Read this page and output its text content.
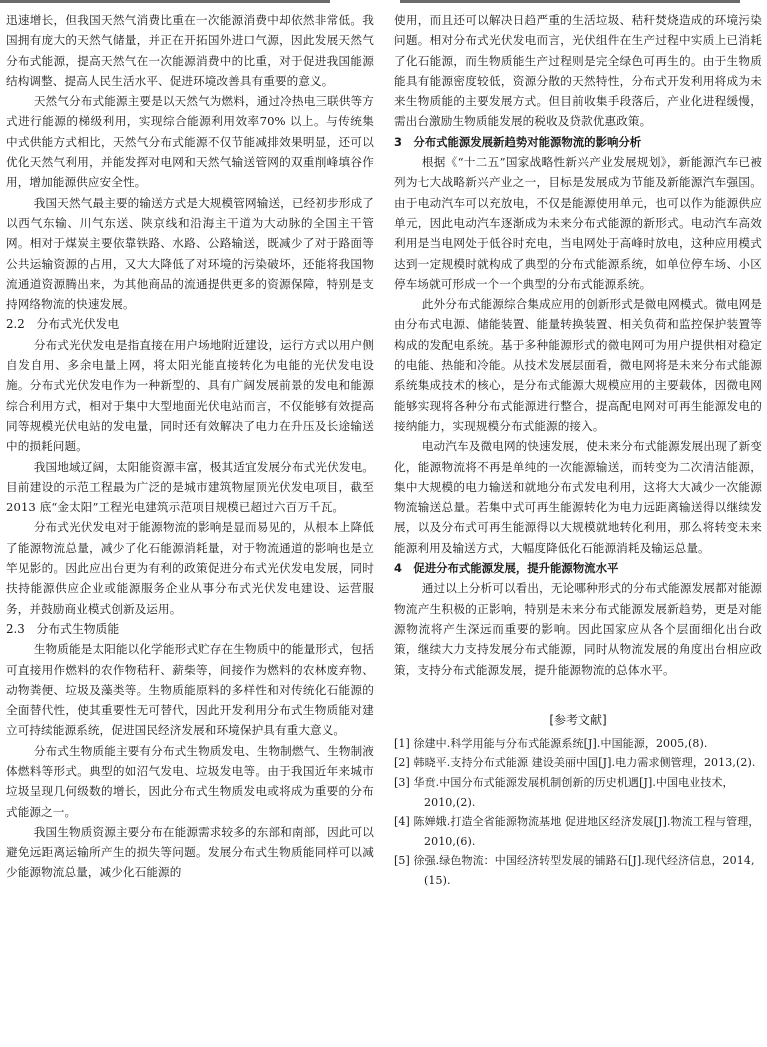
迅速增长，但我国天然气消费比重在一次能源消费中却依然非常低。我国拥有庞大的天然气储量，并正在开拓国外进口气源，因此发展天然气分布式能源，提高天然气在一次能源消费中的比重，对于促进我国能源结构调整、提高人民生活水平、促进环境改善具有重要的意义。

天然气分布式能源主要是以天然气为燃料，通过冷热电三联供等方式进行能源的梯级利用，实现综合能源利用效率70% 以上。与传统集中式供能方式相比，天然气分布式能源不仅节能减排效果明显，还可以优化天然气利用，并能发挥对电网和天然气输送管网的双重削峰填谷作用，增加能源供应安全性。

我国天然气最主要的输送方式是大规模管网输送，已经初步形成了以西气东输、川气东送、陕京线和沿海主干道为大动脉的全国主干管网。相对于煤炭主要依靠铁路、水路、公路输送，既减少了对于路面等公共运输资源的占用，又大大降低了对环境的污染破坏，还能将我国物流通道资源腾出来，为其他商品的流通提供更多的资源保障，特别是支持网络物流的快速发展。

2.2　分布式光伏发电

分布式光伏发电是指直接在用户场地附近建设，运行方式以用户侧自发自用、多余电量上网，将太阳光能直接转化为电能的光伏发电设施。分布式光伏发电作为一种新型的、具有广阔发展前景的发电和能源综合利用方式，相对于集中大型地面光伏电站而言，不仅能够有效提高同等规模光伏电站的发电量，同时还有效解决了电力在升压及长途输送中的损耗问题。

我国地域辽阔，太阳能资源丰富，极其适宜发展分布式光伏发电。目前建设的示范工程最为广泛的是城市建筑物屋顶光伏发电项目，截至 2013 底“金太阳”工程光电建筑示范项目规模已超过六百万千瓦。

分布式光伏发电对于能源物流的影响是显而易见的，从根本上降低了能源物流总量，减少了化石能源消耗量，对于物流通道的影响也是立竿见影的。因此应出台更为有利的政策促进分布式光伏发电发展，同时扶持能源供应企业或能源服务企业从事分布式光伏发电建设、运营服务，并鼓励商业模式创新及运用。

2.3　分布式生物质能

生物质能是太阳能以化学能形式贮存在生物质中的能量形式，包括可直接用作燃料的农作物秸秆、薪柴等，间接作为燃料的农林废弃物、动物粪便、垃圾及藻类等。生物质能原料的多样性和对传统化石能源的全面替代性，使其重要性无可替代，因此开发利用分布式生物质能对建立可持续能源系统，促进国民经济发展和环境保护具有重大意义。

分布式生物质能主要有分布式生物质发电、生物制燃气、生物制液体燃料等形式。典型的如沼气发电、垃圾发电等。由于我国近年来城市垃圾呈现几何级数的增长，因此分布式生物质发电或将成为重要的分布式能源之一。

我国生物质资源主要分布在能源需求较多的东部和南部，因此可以避免远距离运输所产生的损失等问题。发展分布式生物质能同样可以减少能源物流总量，减少化石能源的

使用，而且还可以解决日趋严重的生活垃圾、秸秆焚烧造成的环境污染问题。相对分布式光伏发电而言，光伏组件在生产过程中实质上已消耗了化石能源，而生物质能生产过程则是完全绿色可再生的。由于生物质能具有能源密度较低，资源分散的天然特性，分布式开发利用将成为未来生物质能的主要发展方式。但目前收集手段落后，产业化进程缓慢，需出台激励生物质能发展的税收及贷款优惠政策。

3　分布式能源发展新趋势对能源物流的影响分析

根据《“十二五”国家战略性新兴产业发展规划》，新能源汽车已被列为七大战略新兴产业之一，目标是发展成为节能及新能源汽车强国。由于电动汽车可以充放电，不仅是能源使用单元，也可以作为能源供应单元，因此电动汽车逐渐成为未来分布式能源的新形式。电动汽车高效利用是当电网处于低谷时充电，当电网处于高峰时放电，这种应用模式达到一定规模时就构成了典型的分布式能源系统，如单位停车场、小区停车场就可形成一个一个典型的分布式能源系统。

此外分布式能源综合集成应用的创新形式是微电网模式。微电网是由分布式电源、储能装置、能量转换装置、相关负荷和监控保护装置等构成的发配电系统。基于多种能源形式的微电网可为用户提供相对稳定的电能、热能和冷能。从技术发展层面看，微电网将是未来分布式能源系统集成技术的核心，是分布式能源大规模应用的主要载体，因微电网能够实现将各种分布式能源进行整合，提高配电网对可再生能源发电的接纳能力，实现规模分布式能源的接入。

电动汽车及微电网的快速发展，使未来分布式能源发展出现了新变化，能源物流将不再是单纯的一次能源输送，而转变为二次清洁能源，集中大规模的电力输送和就地分布式发电利用，这将大大减少一次能源物流输送总量。若集中式可再生能源转化为电力远距离输送得以继续发展，以及分布式可再生能源得以大规模就地转化利用，那么将转变未来能源利用及输送方式，大幅度降低化石能源消耗及输运总量。

4　促进分布式能源发展，提升能源物流水平

通过以上分析可以看出，无论哪种形式的分布式能源发展都对能源物流产生积极的正影响，特别是未来分布式能源发展新趋势，更是对能源物流将产生深远而重要的影响。因此国家应从各个层面细化出台政策，继续大力支持发展分布式能源，同时从物流发展的角度出台相应政策，支持分布式能源发展，提升能源物流的总体水平。

[参考文献]

[1] 徐建中.科学用能与分布式能源系统[J].中国能源，2005,(8).

[2] 韩晓平.支持分布式能源 建设美丽中国[J].电力需求侧管理，2013,(2).

[3] 华贲.中国分布式能源发展机制创新的历史机遇[J].中国电业技术，2010,(2).

[4] 陈婵娥.打造全省能源物流基地 促进地区经济发展[J].物流工程与管理，2010,(6).

[5] 徐强.绿色物流：中国经济转型发展的铺路石[J].现代经济信息，2014,(15).
